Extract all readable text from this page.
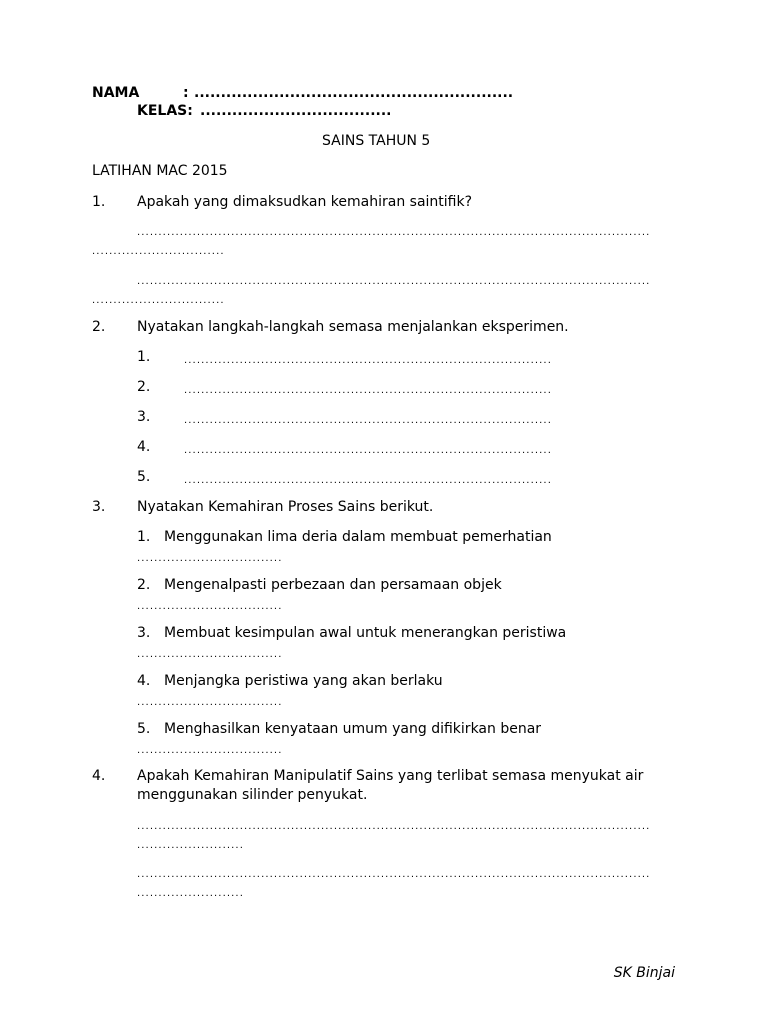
NAMA	: ............................................................
KELAS: ....................................
SAINS TAHUN 5
LATIHAN MAC 2015
1. Apakah yang dimaksudkan kemahiran saintifik?
........................................................................................................................
...............................
........................................................................................................................
...............................
2. Nyatakan langkah-langkah semasa menjalankan eksperimen.
1.	......................................................................................
2.	......................................................................................
3.	......................................................................................
4.	......................................................................................
5.	......................................................................................
3. Nyatakan Kemahiran Proses Sains berikut.
1. Menggunakan lima deria dalam membuat pemerhatian
..................................
2. Mengenalpasti perbezaan dan persamaan objek
..................................
3. Membuat kesimpulan awal untuk menerangkan peristiwa
..................................
4. Menjangka peristiwa yang akan berlaku
..................................
5. Menghasilkan kenyataan umum yang difikirkan benar
..................................
4. Apakah Kemahiran Manipulatif Sains yang terlibat semasa menyukat air
menggunakan silinder penyukat.
........................................................................................................................
.........................
........................................................................................................................
.........................
SK Binjai
